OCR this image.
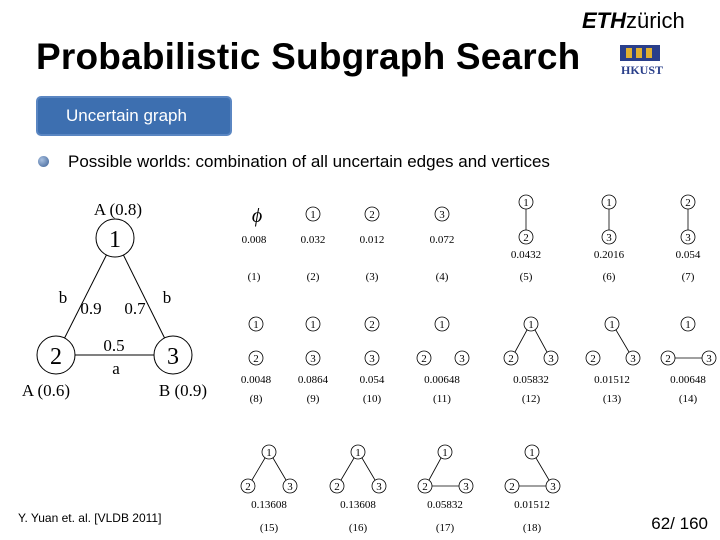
Probabilistic Subgraph Search
ETHzürich
HKUST
Uncertain graph
Possible worlds: combination of all uncertain edges and vertices
1
2	3
A (0.8)
A (0.6)	B (0.9)
b
0.9 0.7
b
0.5
a
ϕ	1	2	3
1
2
1
3
2
3
0.008
(1)
0.032
(2)
0.012
(3)
0.072
(4)
0.0432
(5)
0.2016
(6)
0.054
(7)
1
2
1
3
2
3
1
2	3
1
2	3
1
2	3
1
2	3
0.0048
(8)
0.0864
(9)
0.054
(10)
0.00648
(11)
0.05832
(12)
0.01512
(13)
0.00648
(14)
1
2	3
1
2	3
1
2	3
1
2	3
0.13608
(15)
0.13608
(16)
0.05832
(17)
0.01512
(18)
Y. Yuan et. al. [VLDB 2011]	62/ 160
